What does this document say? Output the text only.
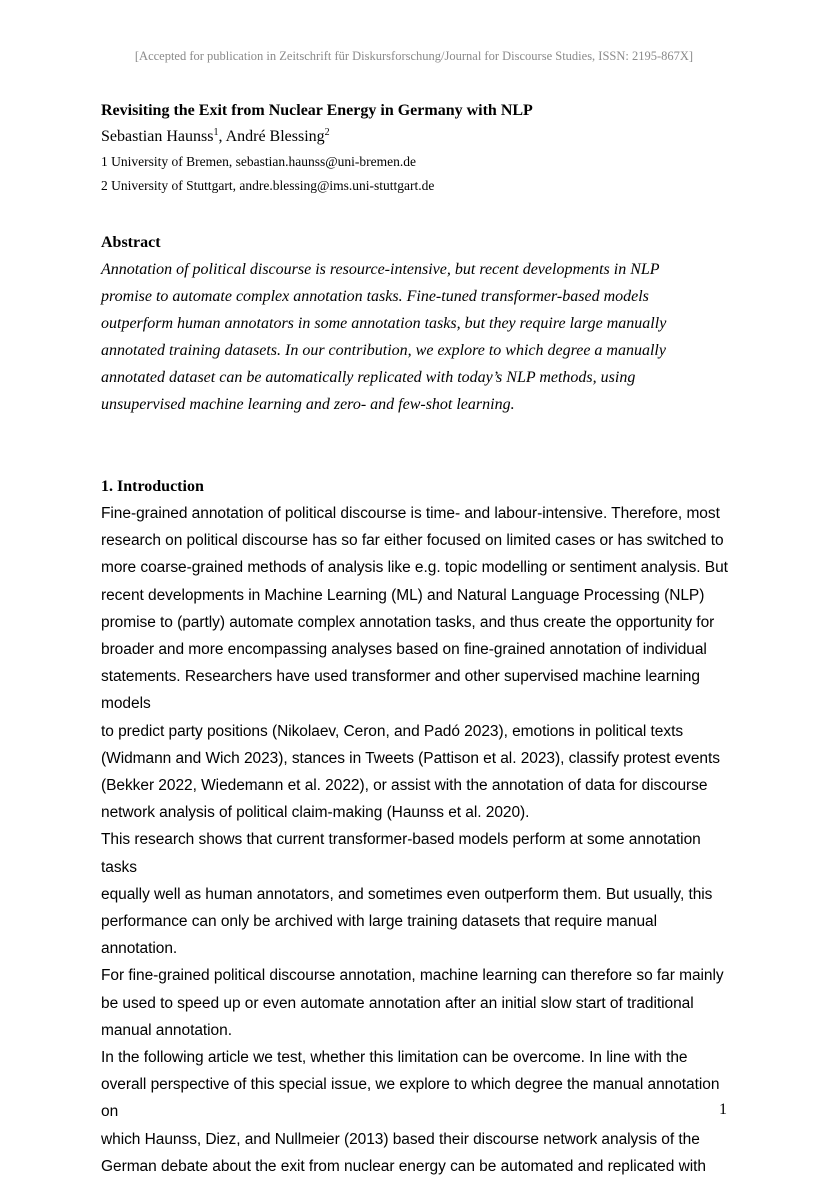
[Accepted for publication in Zeitschrift für Diskursforschung/Journal for Discourse Studies, ISSN: 2195-867X]
Revisiting the Exit from Nuclear Energy in Germany with NLP
Sebastian Haunss$^1$, André Blessing$^2$
1 University of Bremen, sebastian.haunss@uni-bremen.de
2 University of Stuttgart, andre.blessing@ims.uni-stuttgart.de
Abstract
Annotation of political discourse is resource-intensive, but recent developments in NLP
promise to automate complex annotation tasks. Fine-tuned transformer-based models
outperform human annotators in some annotation tasks, but they require large manually
annotated training datasets. In our contribution, we explore to which degree a manually
annotated dataset can be automatically replicated with today’s NLP methods, using
unsupervised machine learning and zero- and few-shot learning.
1. Introduction
Fine-grained annotation of political discourse is time- and labour-intensive. Therefore, most
research on political discourse has so far either focused on limited cases or has switched to
more coarse-grained methods of analysis like e.g. topic modelling or sentiment analysis. But
recent developments in Machine Learning (ML) and Natural Language Processing (NLP)
promise to (partly) automate complex annotation tasks, and thus create the opportunity for
broader and more encompassing analyses based on fine-grained annotation of individual
statements. Researchers have used transformer and other supervised machine learning models
to predict party positions (Nikolaev, Ceron, and Padó 2023), emotions in political texts
(Widmann and Wich 2023), stances in Tweets (Pattison et al. 2023), classify protest events
(Bekker 2022, Wiedemann et al. 2022), or assist with the annotation of data for discourse
network analysis of political claim-making (Haunss et al. 2020).
This research shows that current transformer-based models perform at some annotation tasks
equally well as human annotators, and sometimes even outperform them. But usually, this
performance can only be archived with large training datasets that require manual annotation.
For fine-grained political discourse annotation, machine learning can therefore so far mainly
be used to speed up or even automate annotation after an initial slow start of traditional
manual annotation.
In the following article we test, whether this limitation can be overcome. In line with the
overall perspective of this special issue, we explore to which degree the manual annotation on
which Haunss, Diez, and Nullmeier (2013) based their discourse network analysis of the
German debate about the exit from nuclear energy can be automated and replicated with
1
